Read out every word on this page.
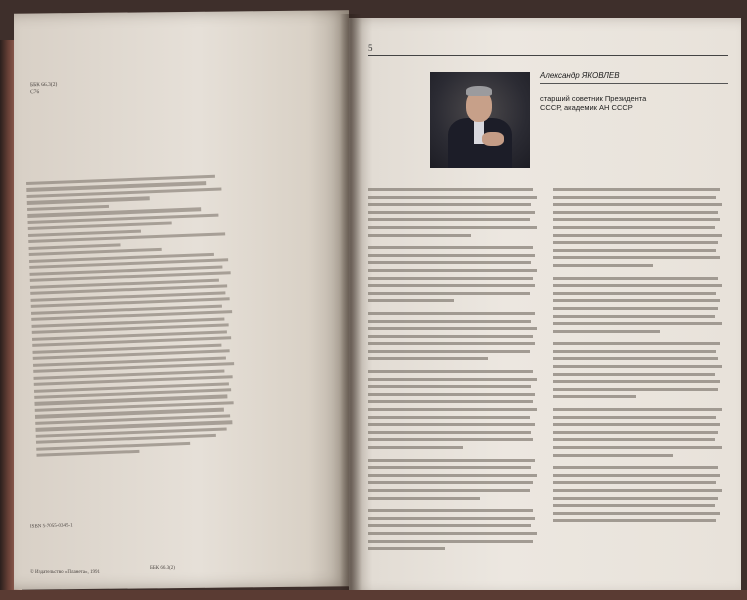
ББК 66.3(2)
С76
ISBN 5-7055-0345-1
ББК 66.3(2)
© Издательство «Планета», 1991
5
Александр ЯКОВЛЕВ
старший советник Президента СССР, академик АН СССР
